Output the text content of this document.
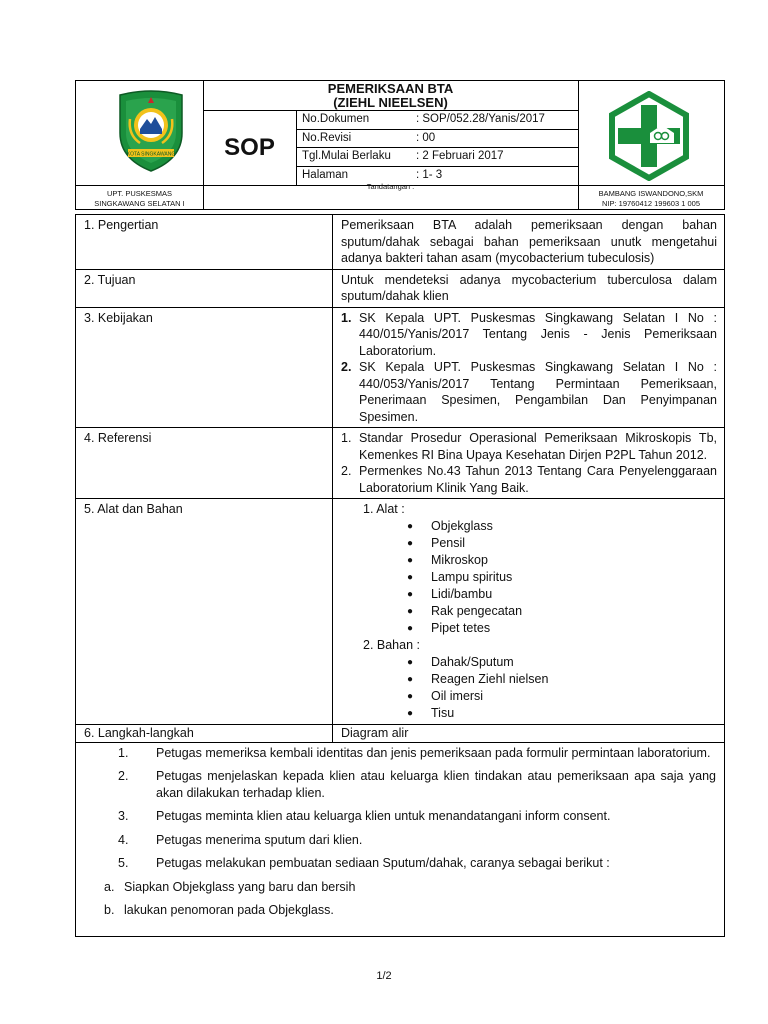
KOTA SINGKAWANG
PEMERIKSAAN BTA
(ZIEHL NIEELSEN)
SOP
No.Dokumen	: SOP/052.28/Yanis/2017
No.Revisi	: 00
Tgl.Mulai Berlaku : 2 Februari 2017
Halaman	: 1- 3
UPT. PUSKESMAS
SINGKAWANG SELATAN I
Tandatangan :
BAMBANG ISWANDONO,SKM
NIP: 19760412 199603 1 005
1. Pengertian	Pemeriksaan BTA adalah pemeriksaan dengan bahan sputum/dahak sebagai bahan pemeriksaan unutk mengetahui adanya bakteri tahan asam (mycobacterium tubeculosis)
2. Tujuan	Untuk mendeteksi adanya mycobacterium tuberculosa dalam sputum/dahak klien
3. Kebijakan	1. SK Kepala UPT. Puskesmas Singkawang Selatan I No : 440/015/Yanis/2017 Tentang Jenis - Jenis Pemeriksaan Laboratorium.
2. SK Kepala UPT. Puskesmas Singkawang Selatan I No : 440/053/Yanis/2017 Tentang Permintaan Pemeriksaan, Penerimaan Spesimen, Pengambilan Dan Penyimpanan Spesimen.
4. Referensi	1. Standar Prosedur Operasional Pemeriksaan Mikroskopis Tb, Kemenkes RI Bina Upaya Kesehatan Dirjen P2PL Tahun 2012.
2. Permenkes No.43 Tahun 2013 Tentang Cara Penyelenggaraan Laboratorium Klinik Yang Baik.
5. Alat dan Bahan	1. Alat :
●	Objekglass
●	Pensil
●	Mikroskop
●	Lampu spiritus
●	Lidi/bambu
●	Rak pengecatan
●	Pipet tetes
2. Bahan :
●	Dahak/Sputum
●	Reagen Ziehl nielsen
●	Oil imersi
●	Tisu
6. Langkah-langkah	Diagram alir
1.	Petugas memeriksa kembali identitas dan jenis pemeriksaan pada formulir permintaan laboratorium.
2.	Petugas menjelaskan kepada klien atau keluarga klien tindakan atau pemeriksaan apa saja yang akan dilakukan terhadap klien.
3.	Petugas meminta klien atau keluarga klien untuk menandatangani inform consent.
4.	Petugas menerima sputum dari klien.
5.	Petugas melakukan pembuatan sediaan Sputum/dahak, caranya sebagai berikut :
a. Siapkan Objekglass yang baru dan bersih
b. lakukan penomoran pada Objekglass.
1/2
